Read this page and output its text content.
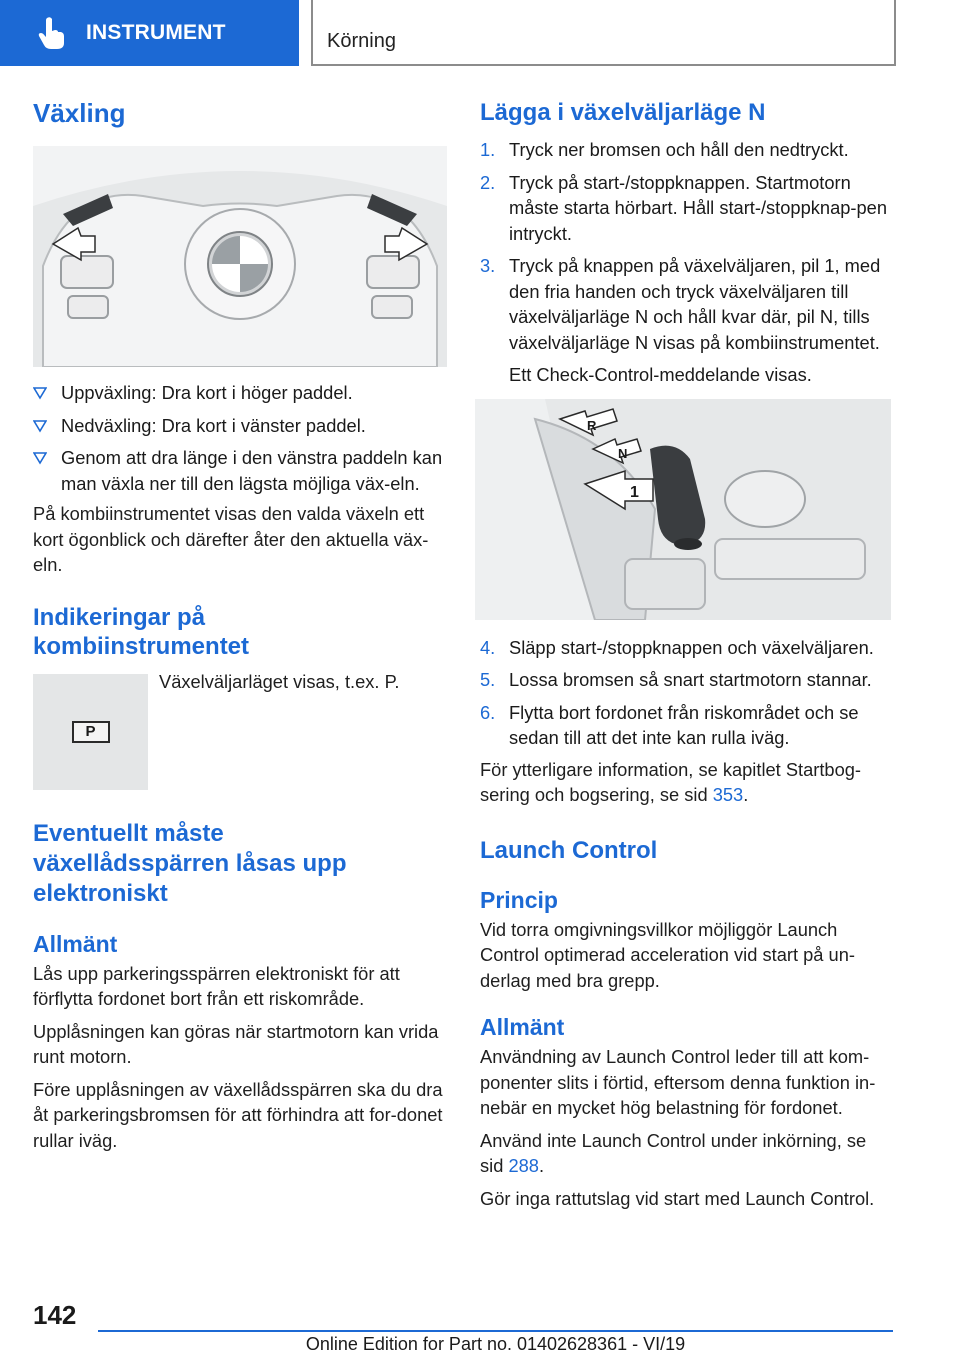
INSTRUMENT	Körning
Växling
Uppväxling: Dra kort i höger paddel.
Nedväxling: Dra kort i vänster paddel.
Genom att dra länge i den vänstra paddeln kan man växla ner till den lägsta möjliga väx-eln.

På kombiinstrumentet visas den valda växeln ett kort ögonblick och därefter åter den aktuella väx-eln.

Indikeringar på kombiinstrumentet
P

Växelväljarläget visas, t.ex. P.

Eventuellt måste växellådsspärren låsas upp elektroniskt
Allmänt

Lås upp parkeringsspärren elektroniskt för att förflytta fordonet bort från ett riskområde.

Upplåsningen kan göras när startmotorn kan vrida runt motorn.

Före upplåsningen av växellådsspärren ska du dra åt parkeringsbromsen för att förhindra att for-donet rullar iväg.

Lägga i växelväljarläge N
1. Tryck ner bromsen och håll den nedtryckt.
2. Tryck på start-/stoppknappen. Startmotorn måste starta hörbart. Håll start-/stoppknap-pen intryckt.
3. Tryck på knappen på växelväljaren, pil 1, med den fria handen och tryck växelväljaren till växelväljarläge N och håll kvar där, pil N, tills växelväljarläge N visas på kombiinstrumentet.
Ett Check-Control-meddelande visas.
R
N
1
4. Släpp start-/stoppknappen och växelväljaren.
5. Lossa bromsen så snart startmotorn stannar.
6. Flytta bort fordonet från riskområdet och se sedan till att det inte kan rulla iväg.

För ytterligare information, se kapitlet Startbog-sering och bogsering, se sid 353.

Launch Control
Princip

Vid torra omgivningsvillkor möjliggör Launch Control optimerad acceleration vid start på un-derlag med bra grepp.

Allmänt

Användning av Launch Control leder till att kom-ponenter slits i förtid, eftersom denna funktion in-nebär en mycket hög belastning för fordonet.

Använd inte Launch Control under inkörning, se sid 288.

Gör inga rattutslag vid start med Launch Control.

142
Online Edition for Part no. 01402628361 - VI/19
